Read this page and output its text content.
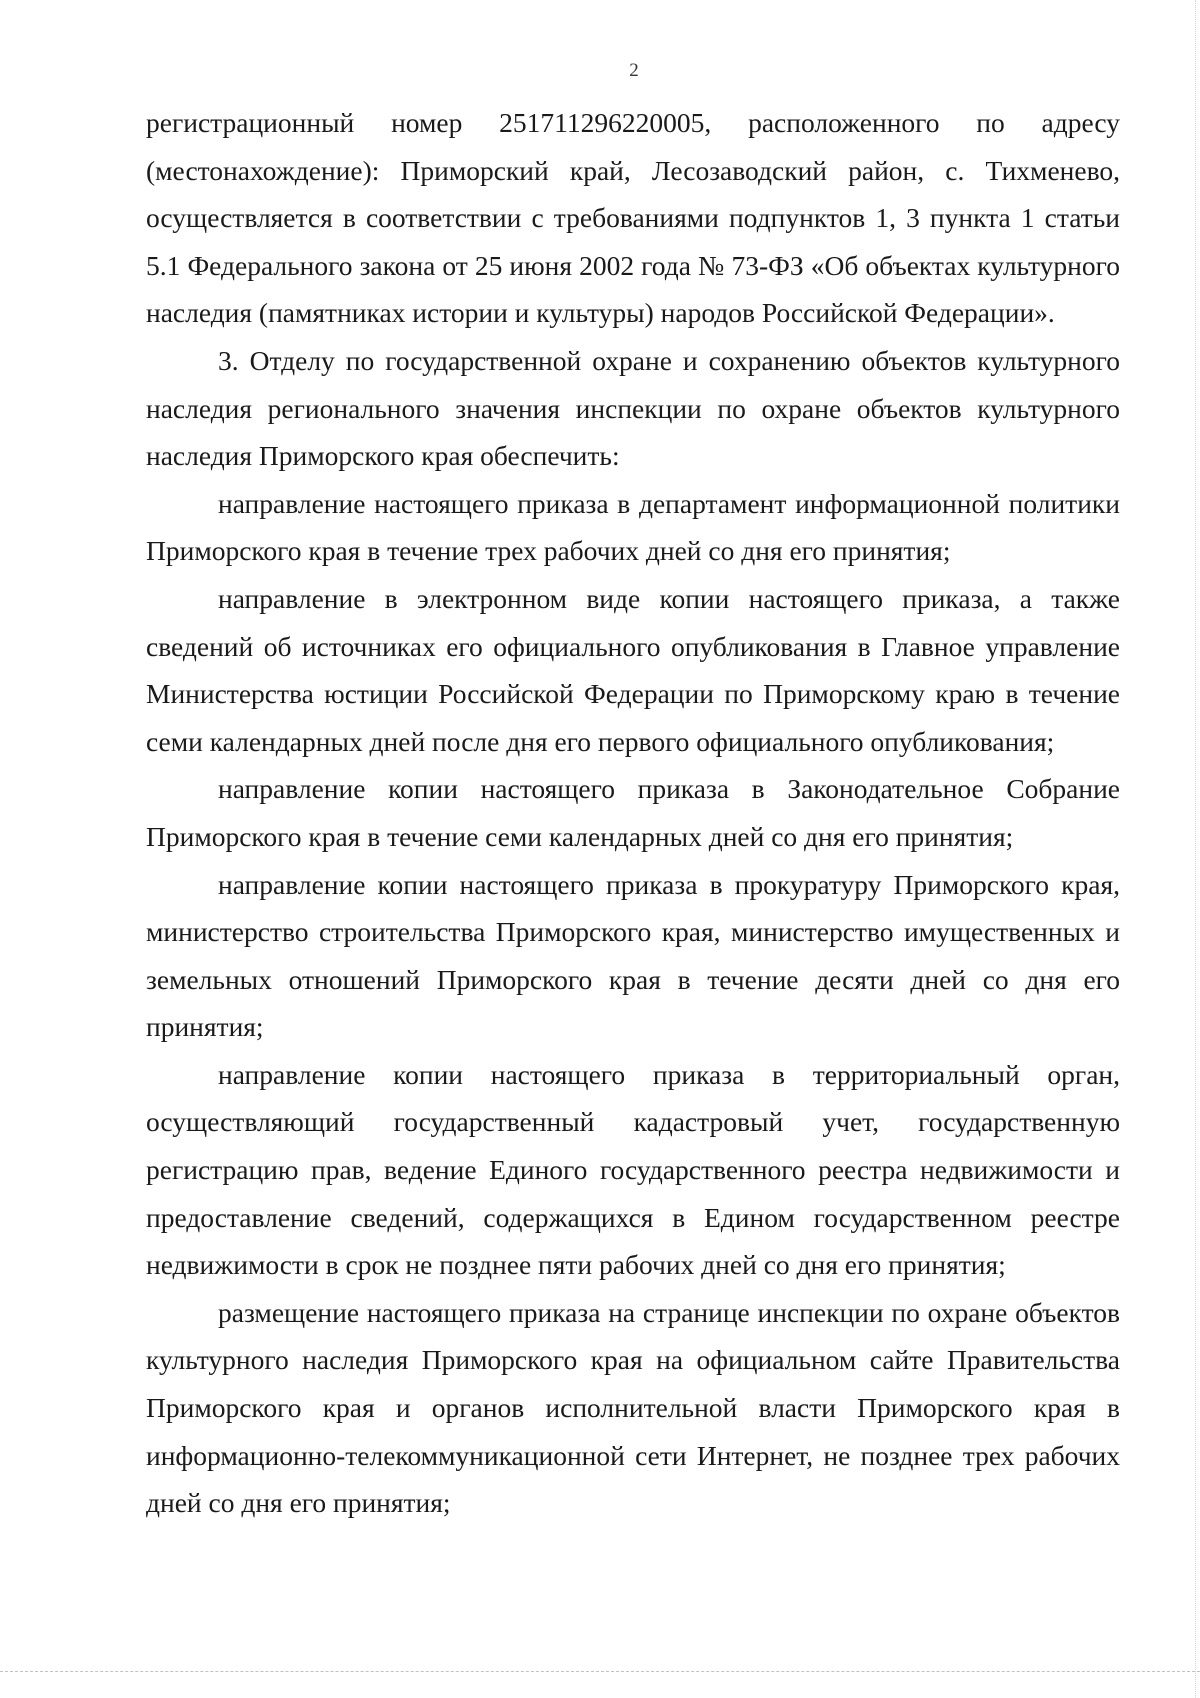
2

регистрационный номер 251711296220005, расположенного по адресу (местонахождение): Приморский край, Лесозаводский район, с. Тихменево, осуществляется в соответствии с требованиями подпунктов 1, 3 пункта 1 статьи 5.1 Федерального закона от 25 июня 2002 года № 73-ФЗ «Об объектах культурного наследия (памятниках истории и культуры) народов Российской Федерации».

3. Отделу по государственной охране и сохранению объектов культурного наследия регионального значения инспекции по охране объектов культурного наследия Приморского края обеспечить:

направление настоящего приказа в департамент информационной политики Приморского края в течение трех рабочих дней со дня его принятия;

направление в электронном виде копии настоящего приказа, а также сведений об источниках его официального опубликования в Главное управление Министерства юстиции Российской Федерации по Приморскому краю в течение семи календарных дней после дня его первого официального опубликования;

направление копии настоящего приказа в Законодательное Собрание Приморского края в течение семи календарных дней со дня его принятия;

направление копии настоящего приказа в прокуратуру Приморского края, министерство строительства Приморского края, министерство имущественных и земельных отношений Приморского края в течение десяти дней со дня его принятия;

направление копии настоящего приказа в территориальный орган, осуществляющий государственный кадастровый учет, государственную регистрацию прав, ведение Единого государственного реестра недвижимости и предоставление сведений, содержащихся в Едином государственном реестре недвижимости в срок не позднее пяти рабочих дней со дня его принятия;

размещение настоящего приказа на странице инспекции по охране объектов культурного наследия Приморского края на официальном сайте Правительства Приморского края и органов исполнительной власти Приморского края в информационно-телекоммуникационной сети Интернет, не позднее трех рабочих дней со дня его принятия;
